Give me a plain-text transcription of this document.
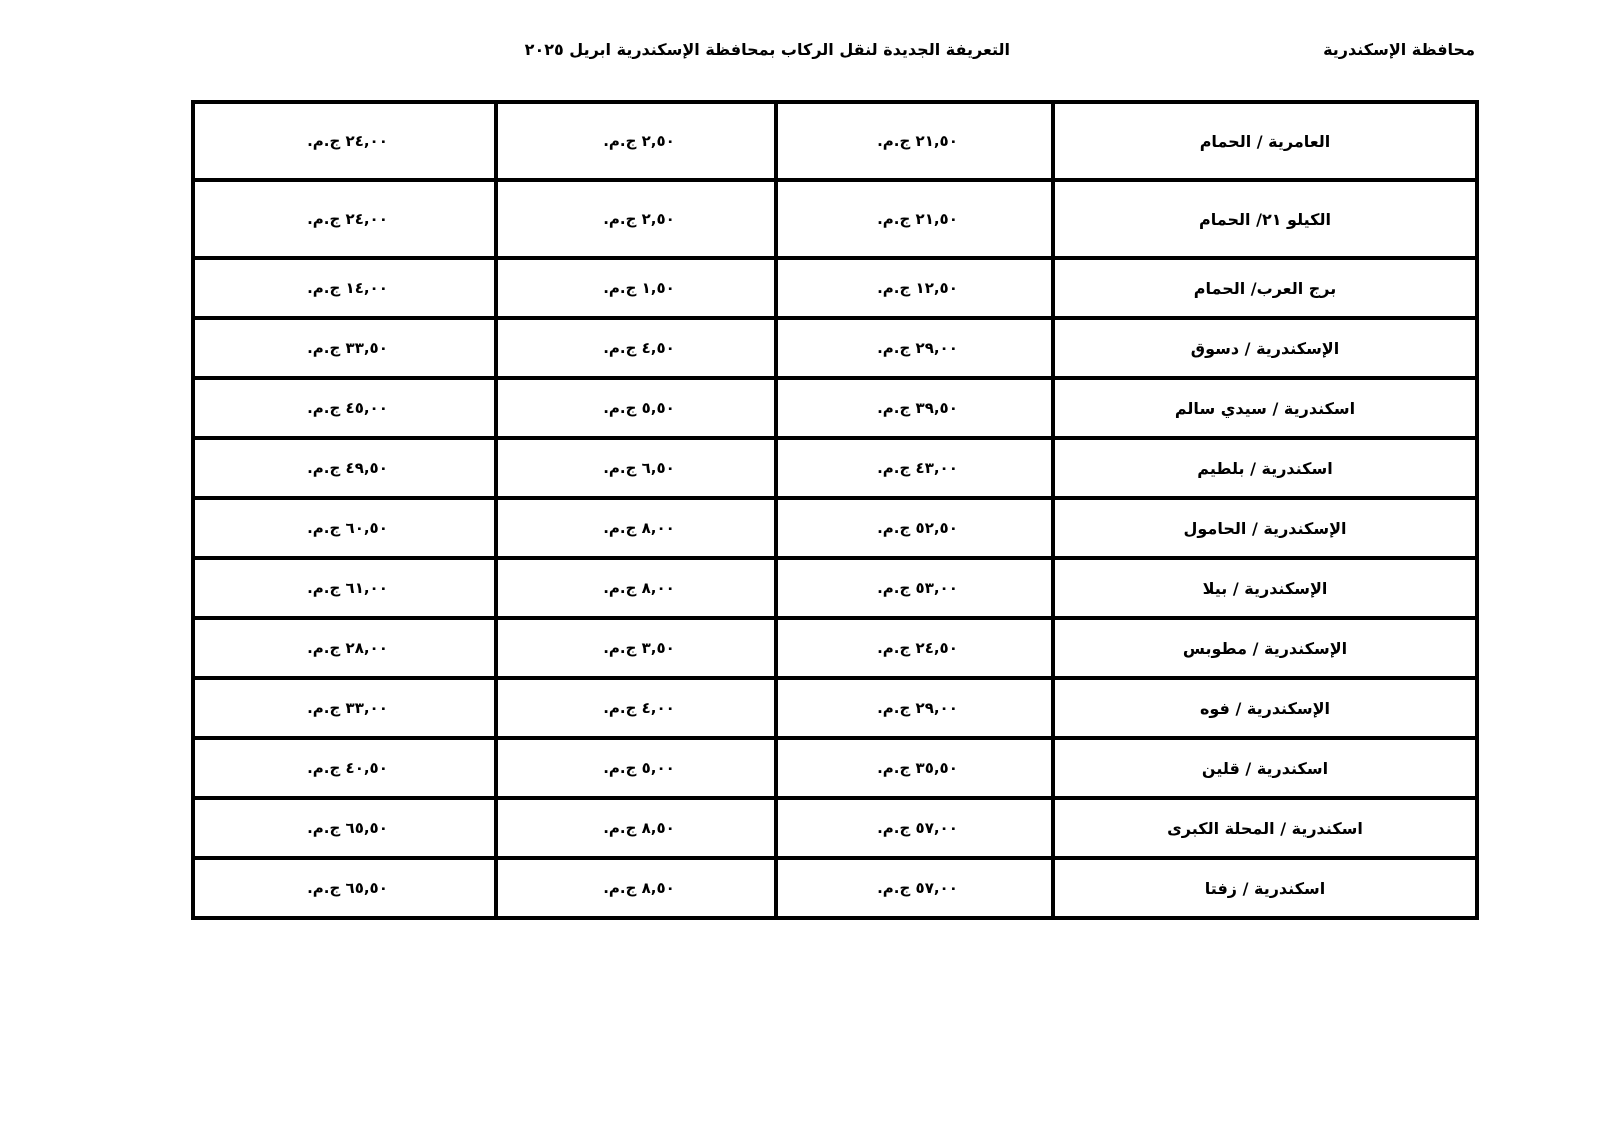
محافظة الإسكندرية
التعريفة الجديدة لنقل الركاب بمحافظة الإسكندرية ابريل ٢٠٢٥
٢٤,٠٠ ج.م.	٢,٥٠ ج.م.	٢١,٥٠ ج.م.	العامرية / الحمام
٢٤,٠٠ ج.م.	٢,٥٠ ج.م.	٢١,٥٠ ج.م.	الكيلو ٢١/ الحمام
١٤,٠٠ ج.م.	١,٥٠ ج.م.	١٢,٥٠ ج.م.	برج العرب/ الحمام
٣٣,٥٠ ج.م.	٤,٥٠ ج.م.	٢٩,٠٠ ج.م.	الإسكندرية / دسوق
٤٥,٠٠ ج.م.	٥,٥٠ ج.م.	٣٩,٥٠ ج.م.	اسكندرية / سيدي سالم
٤٩,٥٠ ج.م.	٦,٥٠ ج.م.	٤٣,٠٠ ج.م.	اسكندرية / بلطيم
٦٠,٥٠ ج.م.	٨,٠٠ ج.م.	٥٢,٥٠ ج.م.	الإسكندرية / الحامول
٦١,٠٠ ج.م.	٨,٠٠ ج.م.	٥٣,٠٠ ج.م.	الإسكندرية / بيلا
٢٨,٠٠ ج.م.	٣,٥٠ ج.م.	٢٤,٥٠ ج.م.	الإسكندرية / مطوبس
٣٣,٠٠ ج.م.	٤,٠٠ ج.م.	٢٩,٠٠ ج.م.	الإسكندرية / فوه
٤٠,٥٠ ج.م.	٥,٠٠ ج.م.	٣٥,٥٠ ج.م.	اسكندرية / قلين
٦٥,٥٠ ج.م.	٨,٥٠ ج.م.	٥٧,٠٠ ج.م.	اسكندرية / المحلة الكبرى
٦٥,٥٠ ج.م.	٨,٥٠ ج.م.	٥٧,٠٠ ج.م.	اسكندرية / زفتا
